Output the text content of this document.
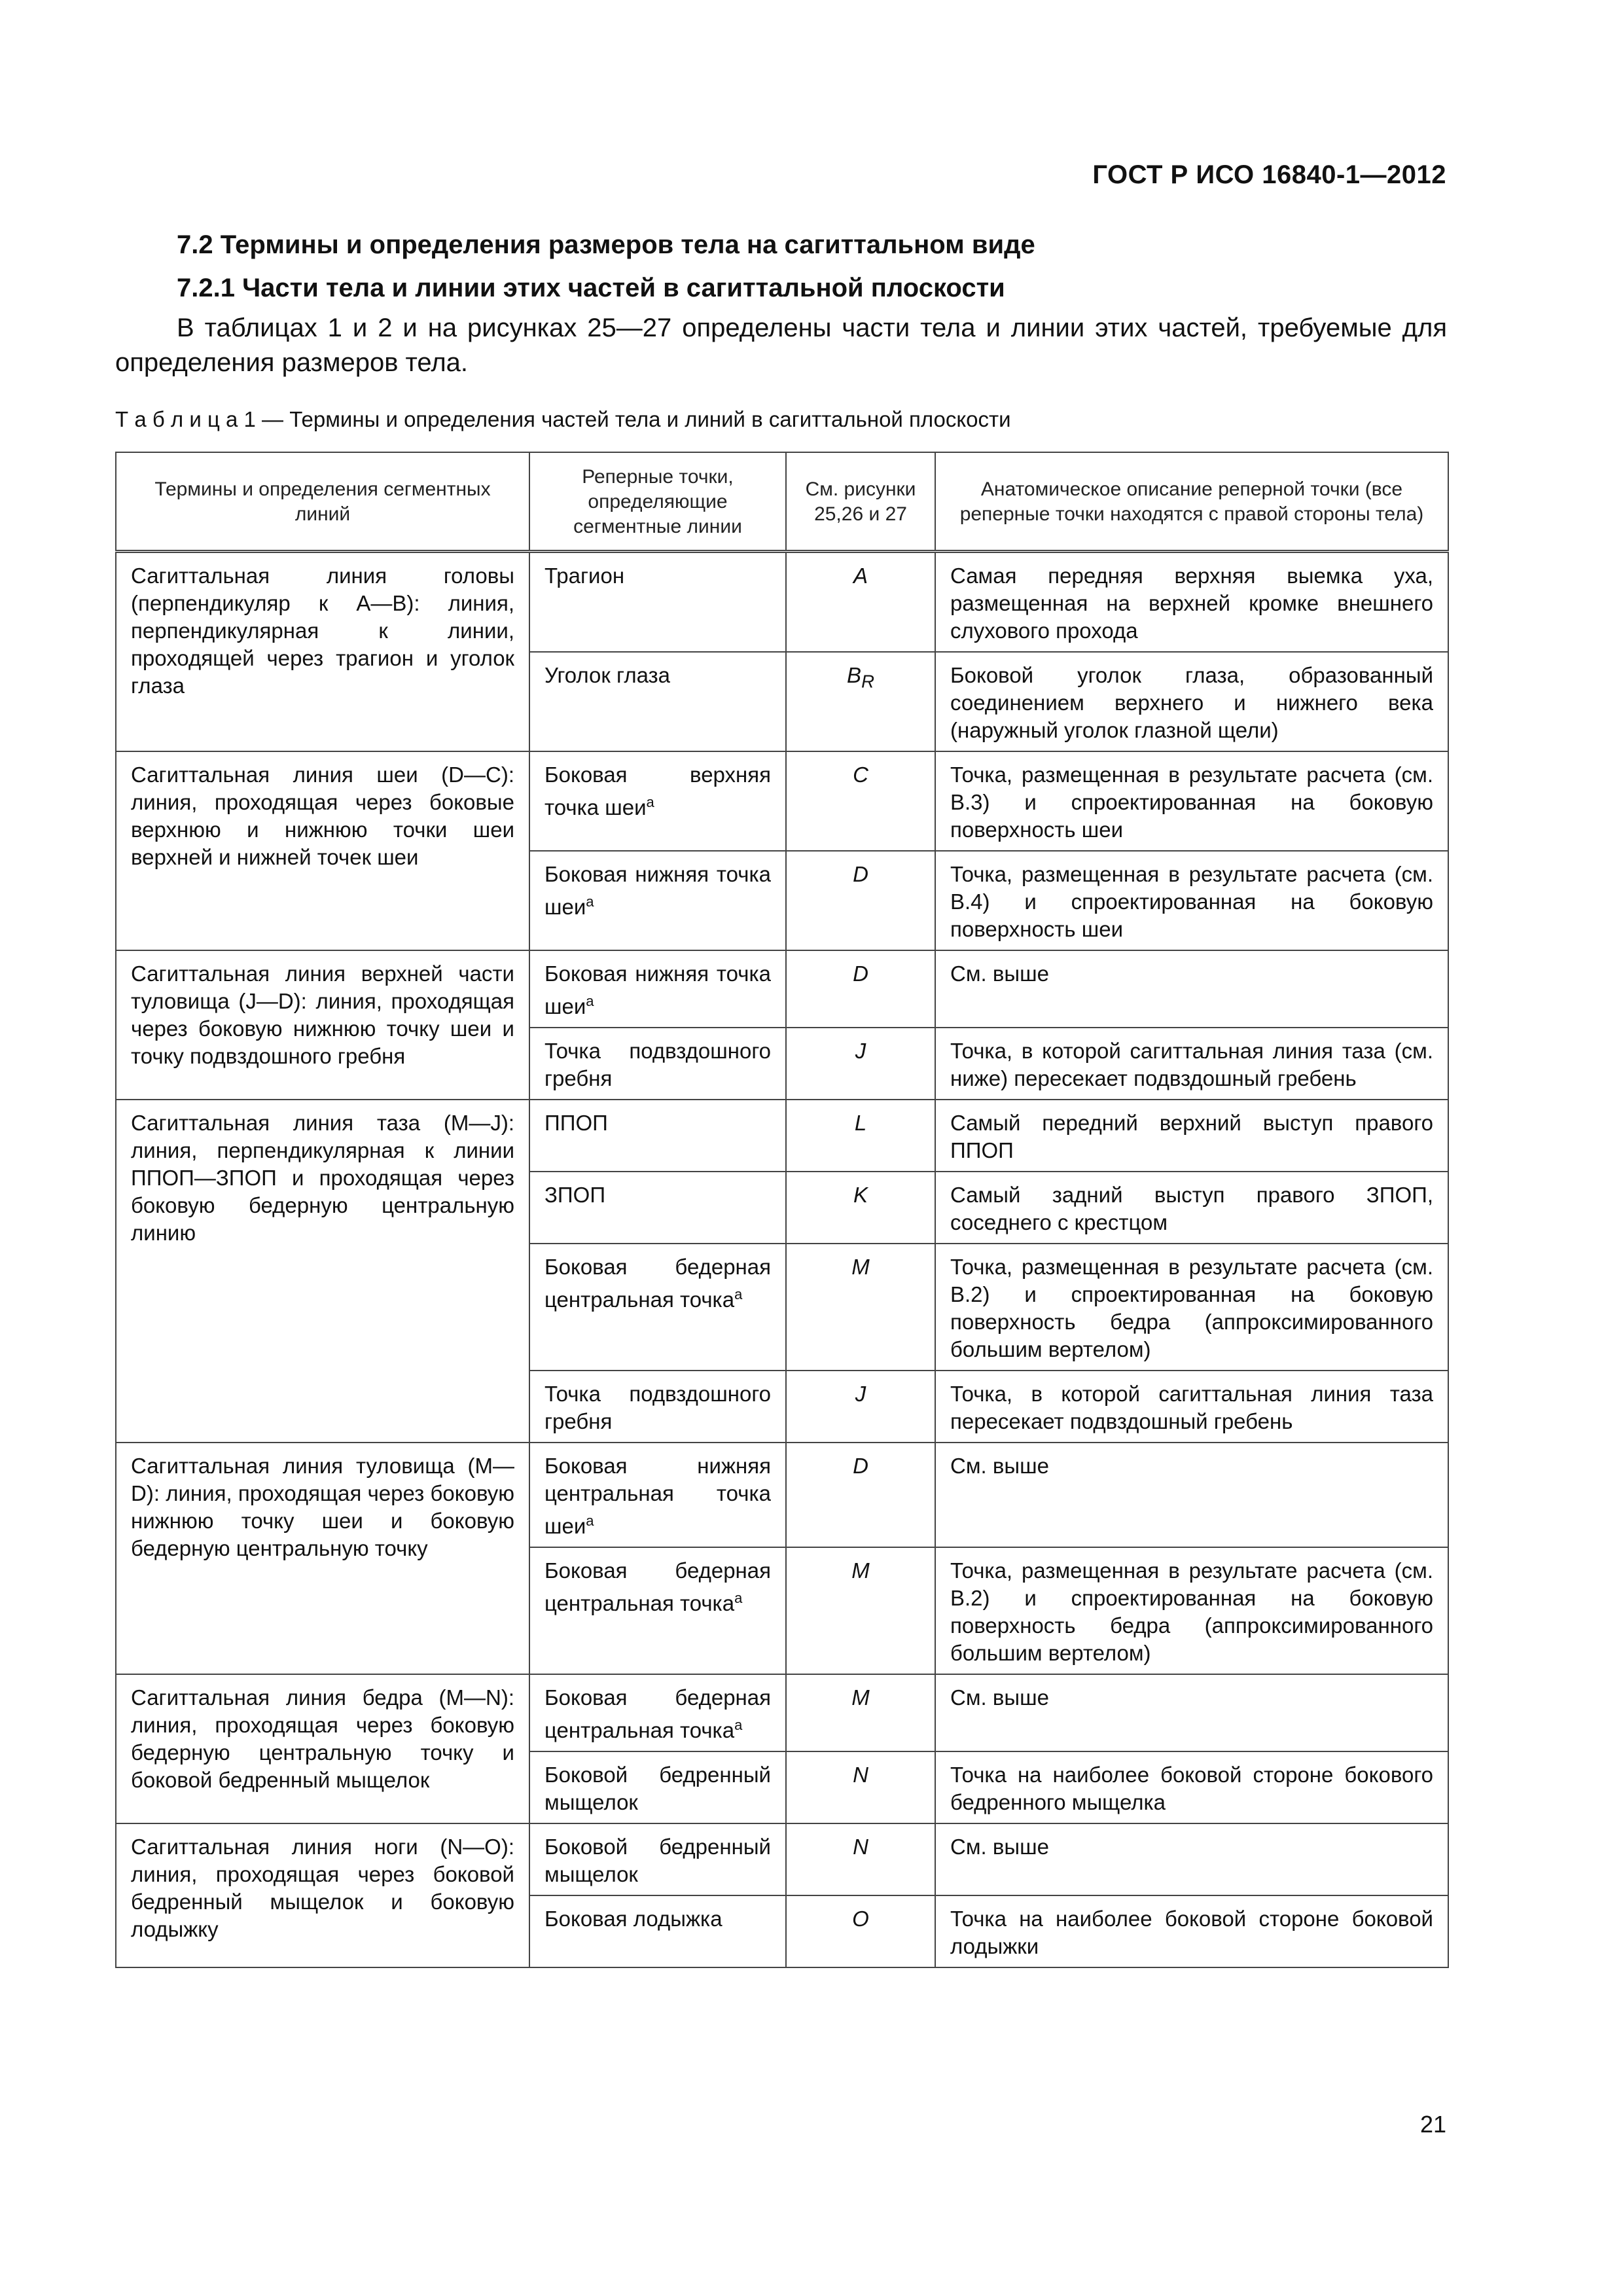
ГОСТ Р ИСО 16840-1—2012
7.2 Термины и определения размеров тела на сагиттальном виде
7.2.1 Части тела и линии этих частей в сагиттальной плоскости
В таблицах 1 и 2 и на рисунках 25—27 определены части тела и линии этих частей, требуемые для определения размеров тела.
Т а б л и ц а 1 — Термины и определения частей тела и линий в сагиттальной плоскости
Термины и определения сегментных линий	Реперные точки, определяющие сегментные линии	См. рисунки 25,26 и 27	Анатомическое описание реперной точки (все реперные точки находятся с правой стороны тела)
Сагиттальная линия головы (перпендикуляр к A—B): линия, перпендикулярная к линии, проходящей через трагион и уголок глаза	Трагион	A	Самая передняя верхняя выемка уха, размещенная на верхней кромке внешнего слухового прохода
	Уголок глаза	$B_R$	Боковой уголок глаза, образованный соединением верхнего и нижнего века (наружный уголок глазной щели)
Сагиттальная линия шеи (D—C): линия, проходящая через боковые верхнюю и нижнюю точки шеи верхней и нижней точек шеи	Боковая верхняя точка шеи$^a$	C	Точка, размещенная в результате расчета (см. В.3) и спроектированная на боковую поверхность шеи
	Боковая нижняя точка шеи$^a$	D	Точка, размещенная в результате расчета (см. В.4) и спроектированная на боковую поверхность шеи
Сагиттальная линия верхней части туловища (J—D): линия, проходящая через боковую нижнюю точку шеи и точку подвздошного гребня	Боковая нижняя точка шеи$^a$	D	См. выше
	Точка подвздошного гребня	J	Точка, в которой сагиттальная линия таза (см. ниже) пересекает подвздошный гребень
Сагиттальная линия таза (M—J): линия, перпендикулярная к линии ППОП—ЗПОП и проходящая через боковую бедерную центральную линию	ППОП	L	Самый передний верхний выступ правого ППОП
	ЗПОП	K	Самый задний выступ правого ЗПОП, соседнего с крестцом
	Боковая бедерная центральная точка$^a$	M	Точка, размещенная в результате расчета (см. В.2) и спроектированная на боковую поверхность бедра (аппроксимированного большим вертелом)
	Точка подвздошного гребня	J	Точка, в которой сагиттальная линия таза пересекает подвздошный гребень
Сагиттальная линия туловища (M—D): линия, проходящая через боковую нижнюю точку шеи и боковую бедерную центральную точку	Боковая нижняя центральная точка шеи$^a$	D	См. выше
	Боковая бедерная центральная точка$^a$	M	Точка, размещенная в результате расчета (см. В.2) и спроектированная на боковую поверхность бедра (аппроксимированного большим вертелом)
Сагиттальная линия бедра (M—N): линия, проходящая через боковую бедерную центральную точку и боковой бедренный мыщелок	Боковая бедерная центральная точка$^a$	M	См. выше
	Боковой бедренный мыщелок	N	Точка на наиболее боковой стороне бокового бедренного мыщелка
Сагиттальная линия ноги (N—O): линия, проходящая через боковой бедренный мыщелок и боковую лодыжку	Боковой бедренный мыщелок	N	См. выше
	Боковая лодыжка	O	Точка на наиболее боковой стороне боковой лодыжки
21
